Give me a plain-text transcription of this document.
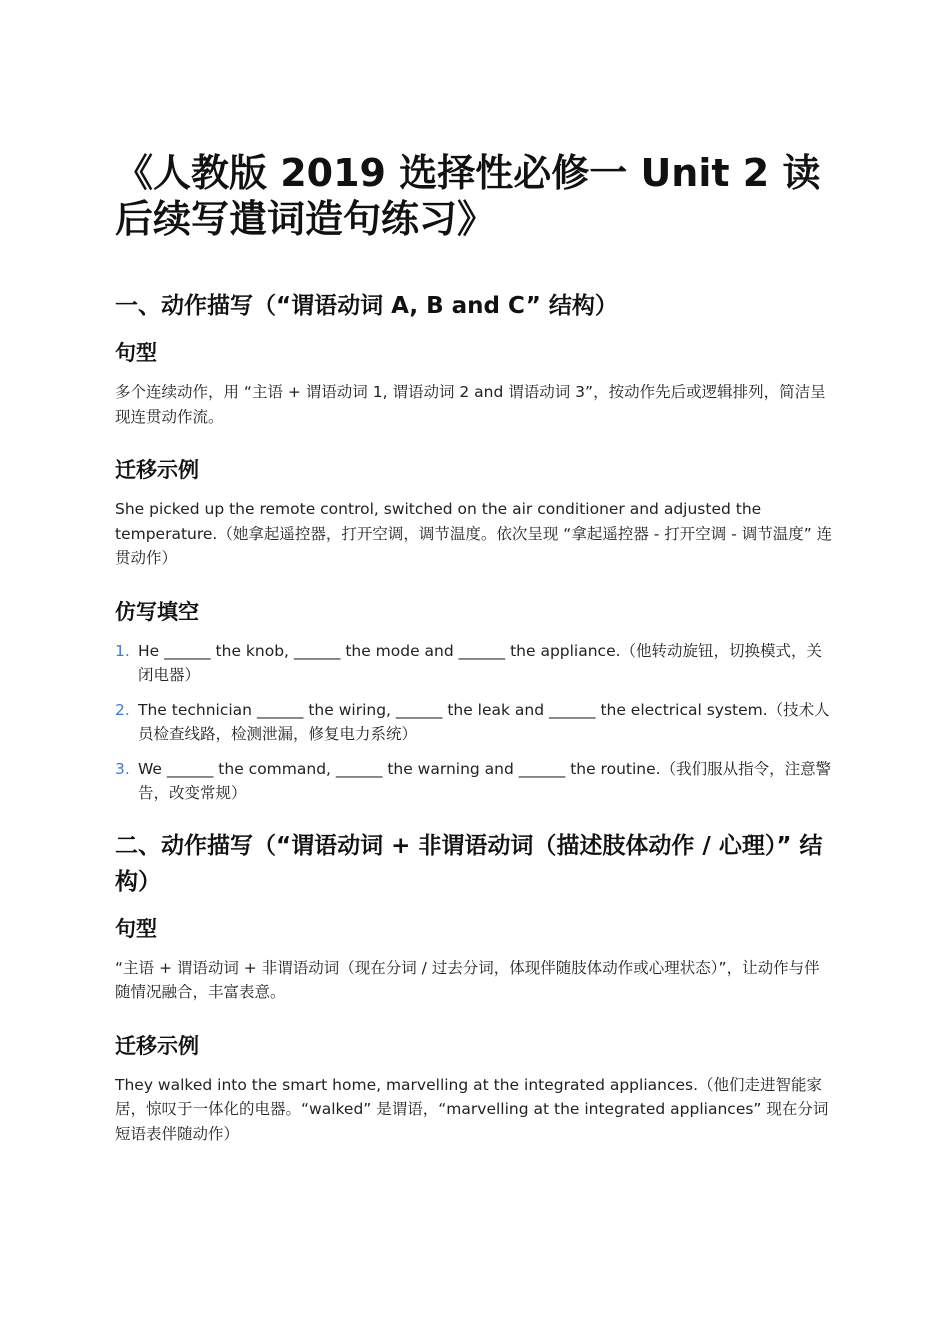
《人教版 2019 选择性必修一 Unit 2 读后续写遣词造句练习》
一、动作描写（“谓语动词 A, B and C” 结构）
句型

多个连续动作，用 “主语 + 谓语动词 1, 谓语动词 2 and 谓语动词 3”，按动作先后或逻辑排列，简洁呈现连贯动作流。

迁移示例

She picked up the remote control, switched on the air conditioner and adjusted the temperature.（她拿起遥控器，打开空调，调节温度。依次呈现 “拿起遥控器 - 打开空调 - 调节温度” 连贯动作）

仿写填空
1. He ______ the knob, ______ the mode and ______ the appliance.（他转动旋钮，切换模式，关闭电器）
2. The technician ______ the wiring, ______ the leak and ______ the electrical system.（技术人员检查线路，检测泄漏，修复电力系统）
3. We ______ the command, ______ the warning and ______ the routine.（我们服从指令，注意警告，改变常规）
二、动作描写（“谓语动词 + 非谓语动词（描述肢体动作 / 心理）” 结构）
句型

“主语 + 谓语动词 + 非谓语动词（现在分词 / 过去分词，体现伴随肢体动作或心理状态）”，让动作与伴随情况融合，丰富表意。

迁移示例

They walked into the smart home, marvelling at the integrated appliances.（他们走进智能家居，惊叹于一体化的电器。“walked” 是谓语，“marvelling at the integrated appliances” 现在分词短语表伴随动作）
